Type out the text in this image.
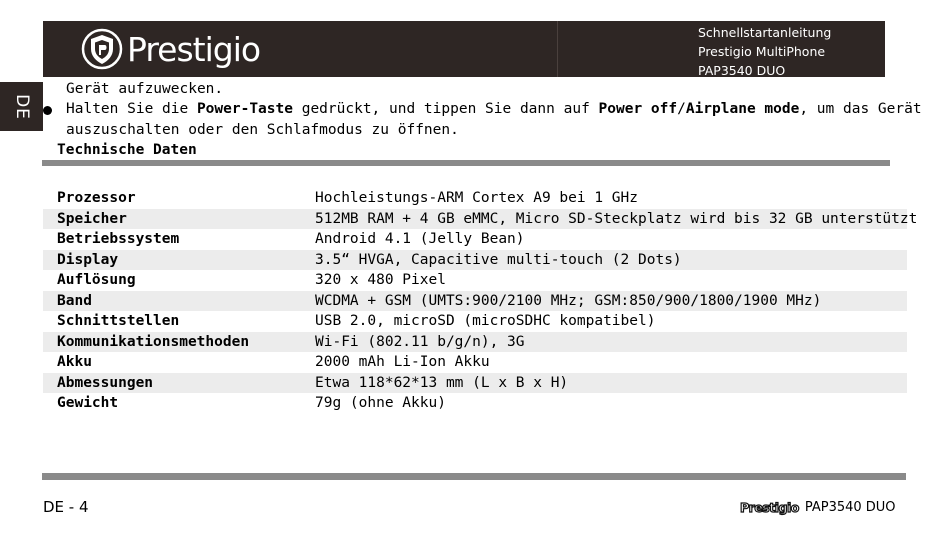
Prestigio	Schnellstartanleitung
Prestigio MultiPhone
PAP3540 DUO
DE
Gerät aufzuwecken.
Halten Sie die Power-Taste gedrückt, und tippen Sie dann auf Power off/Airplane mode, um das Gerät
auszuschalten oder den Schlafmodus zu öffnen.
Technische Daten
Prozessor	Hochleistungs-ARM Cortex A9 bei 1 GHz
Speicher	512MB RAM + 4 GB eMMC, Micro SD-Steckplatz wird bis 32 GB unterstützt
Betriebssystem	Android 4.1 (Jelly Bean)
Display	3.5“ HVGA, Capacitive multi-touch (2 Dots)
Auflösung	320 x 480 Pixel
Band	WCDMA + GSM (UMTS:900/2100 MHz; GSM:850/900/1800/1900 MHz)
Schnittstellen	USB 2.0, microSD (microSDHC kompatibel)
Kommunikationsmethoden	Wi-Fi (802.11 b/g/n), 3G
Akku	2000 mAh Li-Ion Akku
Abmessungen	Etwa 118*62*13 mm (L x B x H)
Gewicht	79g (ohne Akku)
DE - 4	Prestigio PAP3540 DUO
